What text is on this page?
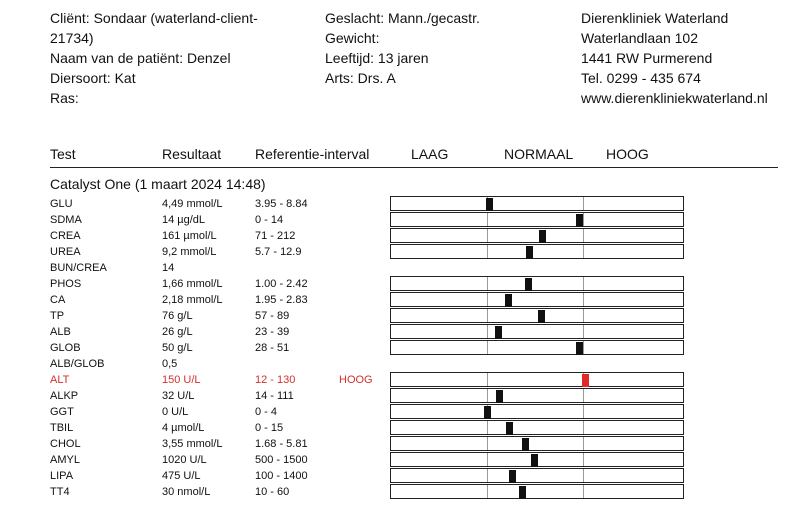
Cliënt: Sondaar (waterland-client-
21734)
Naam van de patiënt: Denzel
Diersoort: Kat
Ras:
Geslacht: Mann./gecastr.
Gewicht:
Leeftijd: 13 jaren
Arts: Drs. A
Dierenkliniek Waterland
Waterlandlaan 102
1441 RW Purmerend
Tel. 0299 - 435 674
www.dierenkliniekwaterland.nl
Test	Resultaat Referentie-interval	LAAG	NORMAAL HOOG
Catalyst One (1 maart 2024 14:48)
GLU	4,49 mmol/L	3.95 - 8.84
SDMA	14 µg/dL	0 - 14
CREA	161 µmol/L	71 - 212
UREA	9,2 mmol/L	5.7 - 12.9
BUN/CREA	14
PHOS	1,66 mmol/L	1.00 - 2.42
CA	2,18 mmol/L	1.95 - 2.83
TP	76 g/L	57 - 89
ALB	26 g/L	23 - 39
GLOB	50 g/L	28 - 51
ALB/GLOB	0,5
ALT	150 U/L	12 - 130	HOOG
ALKP	32 U/L	14 - 111
GGT	0 U/L	0 - 4
TBIL	4 µmol/L	0 - 15
CHOL	3,55 mmol/L	1.68 - 5.81
AMYL	1020 U/L	500 - 1500
LIPA	475 U/L	100 - 1400
TT4	30 nmol/L	10 - 60
